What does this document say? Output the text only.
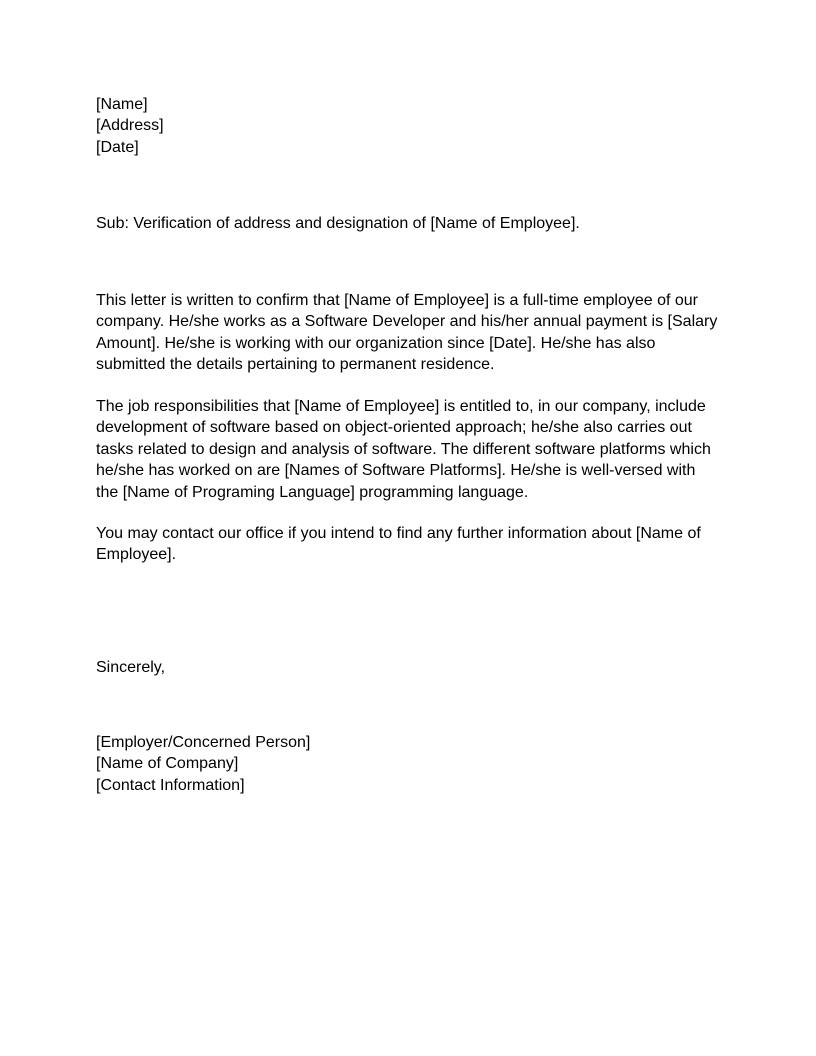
[Name]
[Address]
[Date]
Sub: Verification of address and designation of [Name of Employee].
This letter is written to confirm that [Name of Employee] is a full-time employee of our
company. He/she works as a Software Developer and his/her annual payment is [Salary
Amount]. He/she is working with our organization since [Date]. He/she has also
submitted the details pertaining to permanent residence.
The job responsibilities that [Name of Employee] is entitled to, in our company, include
development of software based on object-oriented approach; he/she also carries out
tasks related to design and analysis of software. The different software platforms which
he/she has worked on are [Names of Software Platforms]. He/she is well-versed with
the [Name of Programing Language] programming language.
You may contact our office if you intend to find any further information about [Name of
Employee].
Sincerely,
[Employer/Concerned Person]
[Name of Company]
[Contact Information]
